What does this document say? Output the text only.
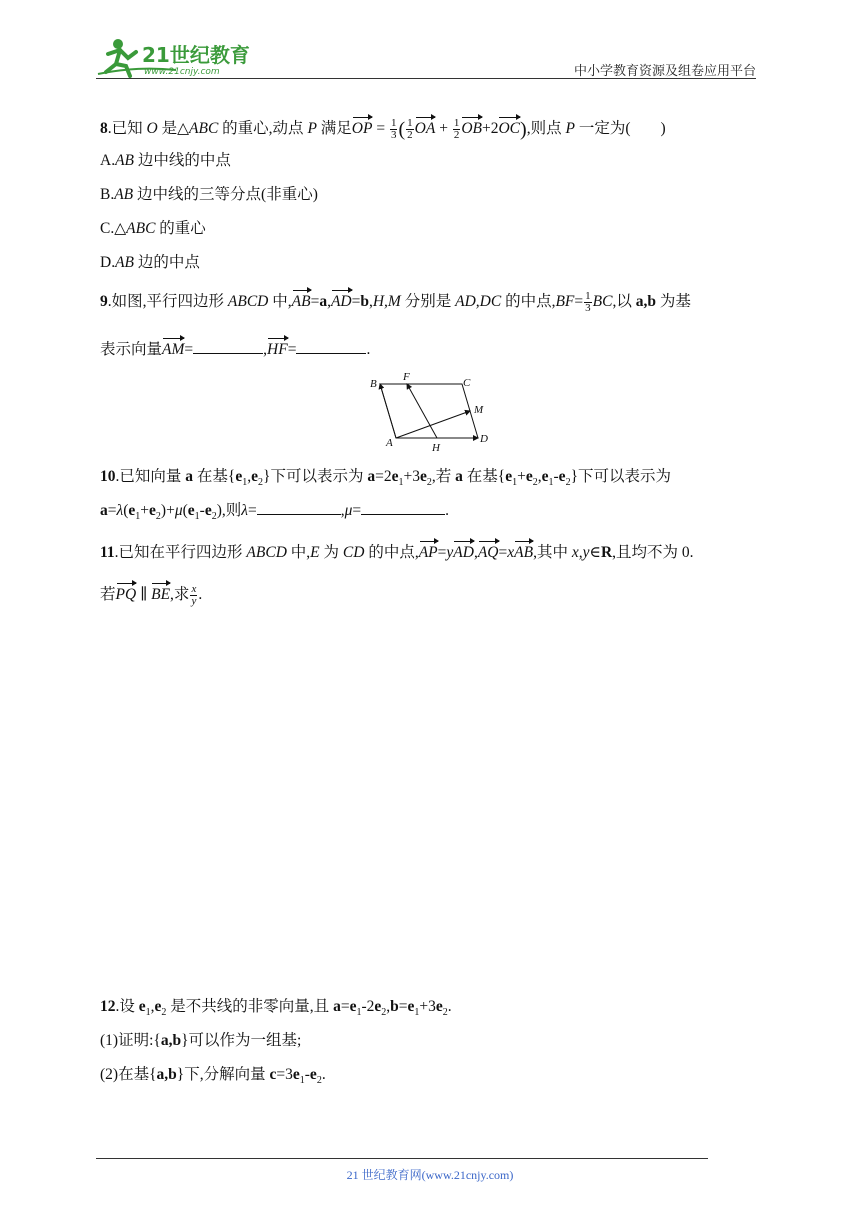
21世纪教育
www.21cnjy.com	中小学教育资源及组卷应用平台
8.已知 O 是△ABC 的重心,动点 P 满足OP = $\frac{1}{3}$ ( $\frac{1}{2}$ OA + $\frac{1}{2} OB+2OC$),则点 P 一定为( )
A.AB 边中线的中点
B.AB 边中线的三等分点(非重心)
C.△ABC 的重心
D.AB 边的中点
9.如图,平行四边形 ABCD 中,AB=a,AD=b,H,M 分别是 AD,DC 的中点$,BF= \frac{1}{3}$ BC,以 a,b 为基
表示向量AM=	,HF=	.
B
F	C
M
A	H
D
10.已知向量 a 在基$\{e_1,e_2\}$下可以表示为 $a=2e_1+3e_2$,若 a 在基$\{e_1+e_2,e_1-e_2\}$下可以表示为
$a=\lambda(e_1+e_2)+\mu(e_1-e_2)$,则λ=	,μ=	.
11.已知在平行四边形 ABCD 中,E 为 CD 的中点,AP=yAD,AQ=xAB,其中 x,y∈R,且均不为 0.
若PQ ∥ BE,求 $\frac{x}{y}$ .
12.设 $e_1,e_2$ 是不共线的非零向量,且 $a=e_1-2e_2,b=e_1+3e_2$.
(1)证明:{a,b}可以作为一组基;
(2)在基{a,b}下,分解向量 $c=3e_1-e_2$.
21 世纪教育网(www.21cnjy.com)
